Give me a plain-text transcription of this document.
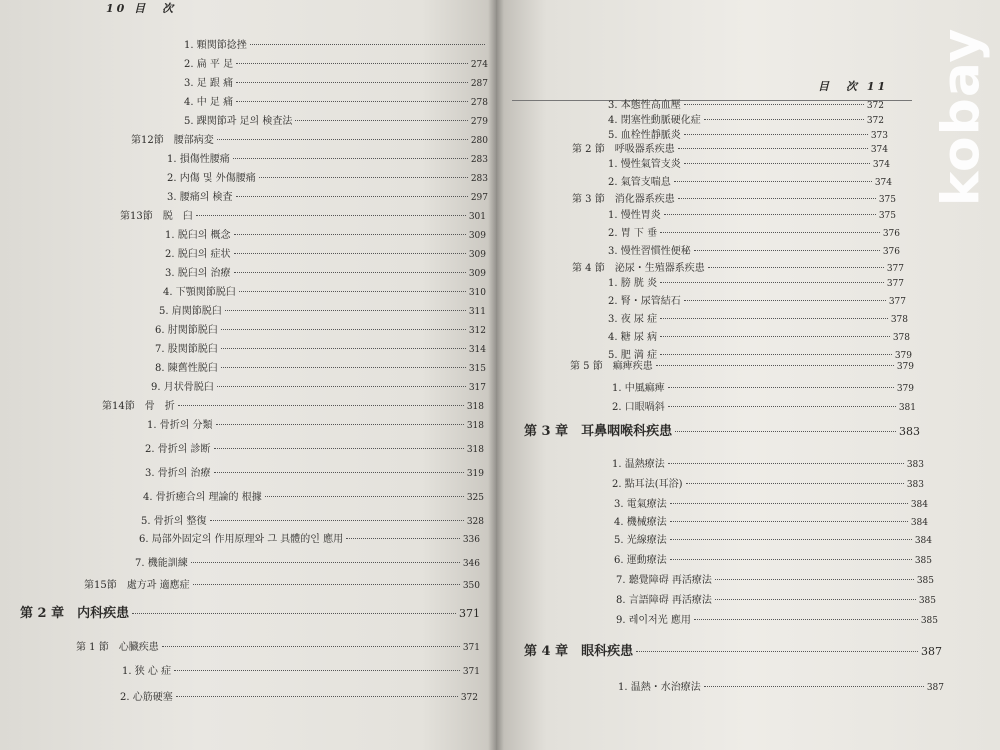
10 目　次
目　次 11 kobay
1. 顆関節捻挫
2. 扁 平 足	274
3. 足 跟 痛	287
4. 中 足 痛	278
5. 踝関節과 足의 検査法	279
第12節　腰部病変	280
1. 損傷性腰痛	283
2. 内傷 및 外傷腰痛	283
3. 腰痛의 検査	297
第13節　脱　臼	301
1. 脱臼의 概念	309
2. 脱臼의 症状	309
3. 脱臼의 治療	309
4. 下顎関節脱臼	310
5. 肩関節脱臼	311
6. 肘関節脱臼	312
7. 股関節脱臼	314
8. 陳舊性脱臼	315
9. 月状骨脱臼	317
第14節　骨　折	318
1. 骨折의 分類	318
2. 骨折의 診断	318
3. 骨折의 治療	319
4. 骨折癒合의 理論的 根據	325
5. 骨折의 整復	328
6. 局部外固定의 作用原理와 그 具體的인 應用	336
7. 機能訓練	346
第15節　處方과 適應症	350
第 2 章　内科疾患	371
第 1 節　心臓疾患	371
1. 狭 心 症	371
2. 心筋硬塞	372
3. 本態性高血壓	372
4. 閉塞性動脈硬化症	372
5. 血栓性靜脈炎	373
第 2 節　呼吸器系疾患	374
1. 慢性氣管支炎	374
2. 氣管支喘息	374
第 3 節　消化器系疾患	375
1. 慢性胃炎	375
2. 胃 下 垂	376
3. 慢性習慣性便秘	376
第 4 節　泌尿・生殖器系疾患	377
1. 膀 胱 炎	377
2. 腎・尿管結石	377
3. 夜 尿 症	378
4. 糖 尿 病	378
5. 肥 満 症	379
第 5 節　痲痺疾患	379
1. 中風痲痺	379
2. 口眼喎斜	381
第 3 章　耳鼻咽喉科疾患	383
1. 温熱療法	383
2. 點耳法(耳浴)	383
3. 電氣療法	384
4. 機械療法	384
5. 光線療法	384
6. 運動療法	385
7. 聽覺障碍 再活療法	385
8. 言語障碍 再活療法	385
9. 레이저光 應用	385
第 4 章　眼科疾患	387
1. 温熱・水治療法	387
